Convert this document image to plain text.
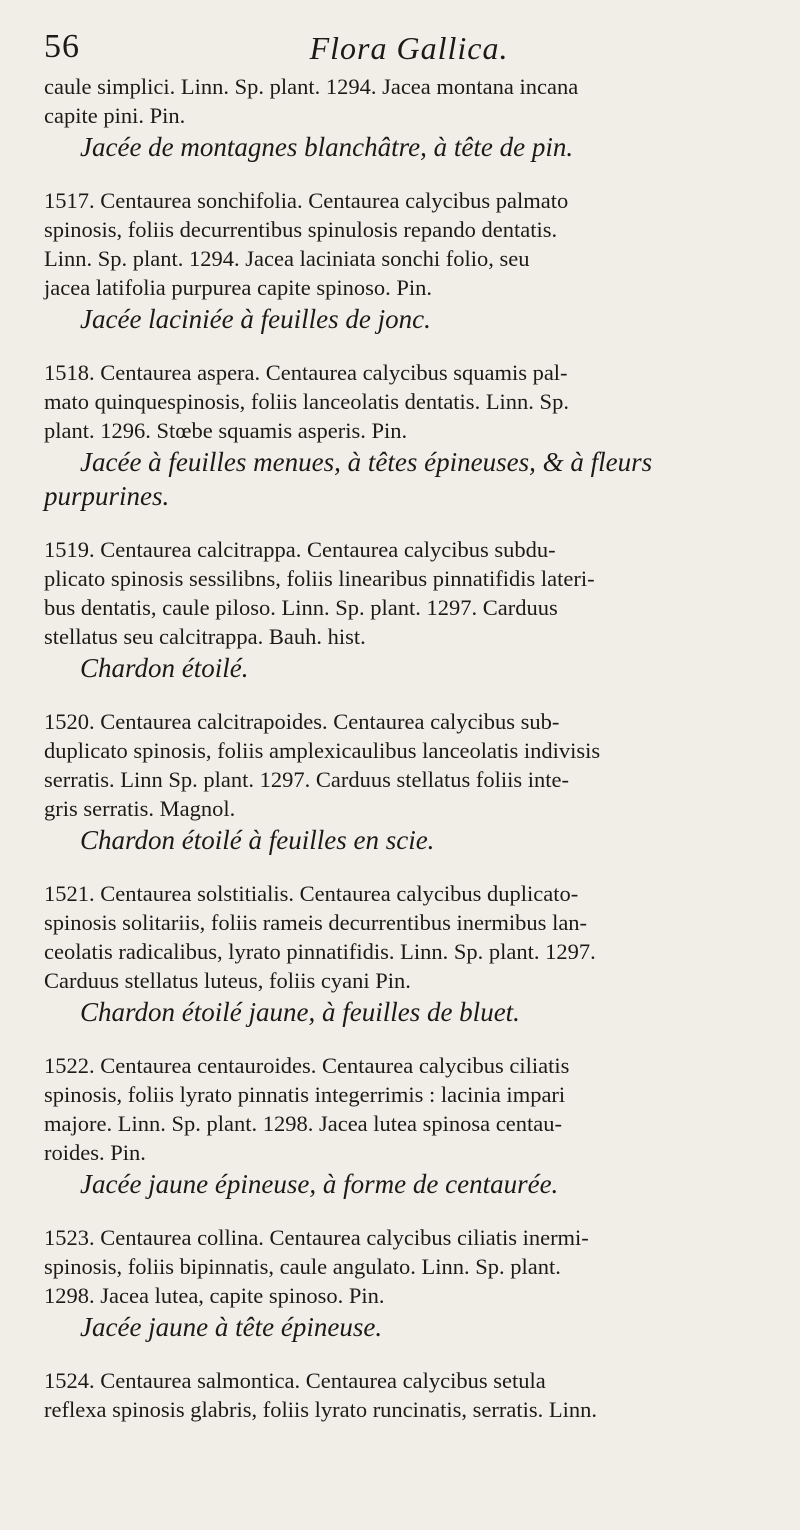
56	Flora Gallica.
caule simplici. Linn. Sp. plant. 1294. Jacea montana incana
capite pini. Pin.
Jacée de montagnes blanchâtre, à tête de pin.
1517. Centaurea sonchifolia. Centaurea calycibus palmato
spinosis, foliis decurrentibus spinulosis repando dentatis.
Linn. Sp. plant. 1294. Jacea laciniata sonchi folio, seu
jacea latifolia purpurea capite spinoso. Pin.
Jacée laciniée à feuilles de jonc.
1518. Centaurea aspera. Centaurea calycibus squamis pal-
mato quinquespinosis, foliis lanceolatis dentatis. Linn. Sp.
plant. 1296. Stœbe squamis asperis. Pin.
Jacée à feuilles menues, à têtes épineuses, & à fleurs
purpurines.
1519. Centaurea calcitrappa. Centaurea calycibus subdu-
plicato spinosis sessilibns, foliis linearibus pinnatifidis lateri-
bus dentatis, caule piloso. Linn. Sp. plant. 1297. Carduus
stellatus seu calcitrappa. Bauh. hist.
Chardon étoilé.
1520. Centaurea calcitrapoides. Centaurea calycibus sub-
duplicato spinosis, foliis amplexicaulibus lanceolatis indivisis
serratis. Linn Sp. plant. 1297. Carduus stellatus foliis inte-
gris serratis. Magnol.
Chardon étoilé à feuilles en scie.
1521. Centaurea solstitialis. Centaurea calycibus duplicato-
spinosis solitariis, foliis rameis decurrentibus inermibus lan-
ceolatis radicalibus, lyrato pinnatifidis. Linn. Sp. plant. 1297.
Carduus stellatus luteus, foliis cyani Pin.
Chardon étoilé jaune, à feuilles de bluet.
1522. Centaurea centauroides. Centaurea calycibus ciliatis
spinosis, foliis lyrato pinnatis integerrimis : lacinia impari
majore. Linn. Sp. plant. 1298. Jacea lutea spinosa centau-
roides. Pin.
Jacée jaune épineuse, à forme de centaurée.
1523. Centaurea collina. Centaurea calycibus ciliatis inermi-
spinosis, foliis bipinnatis, caule angulato. Linn. Sp. plant.
1298. Jacea lutea, capite spinoso. Pin.
Jacée jaune à tête épineuse.
1524. Centaurea salmontica. Centaurea calycibus setula
reflexa spinosis glabris, foliis lyrato runcinatis, serratis. Linn.
